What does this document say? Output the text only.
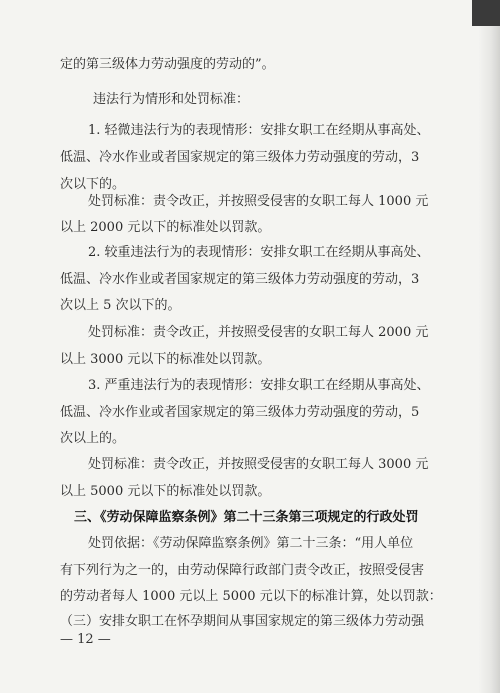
定的第三级体力劳动强度的劳动的”。
违法行为情形和处罚标准：
1. 轻微违法行为的表现情形：安排女职工在经期从事高处、
低温、冷水作业或者国家规定的第三级体力劳动强度的劳动，3
次以下的。
处罚标准：责令改正，并按照受侵害的女职工每人 1000 元
以上 2000 元以下的标准处以罚款。
2. 较重违法行为的表现情形：安排女职工在经期从事高处、
低温、冷水作业或者国家规定的第三级体力劳动强度的劳动，3
次以上 5 次以下的。
处罚标准：责令改正，并按照受侵害的女职工每人 2000 元
以上 3000 元以下的标准处以罚款。
3. 严重违法行为的表现情形：安排女职工在经期从事高处、
低温、冷水作业或者国家规定的第三级体力劳动强度的劳动，5
次以上的。
处罚标准：责令改正，并按照受侵害的女职工每人 3000 元
以上 5000 元以下的标准处以罚款。
三、《劳动保障监察条例》第二十三条第三项规定的行政处罚
处罚依据：《劳动保障监察条例》第二十三条：“用人单位
有下列行为之一的，由劳动保障行政部门责令改正，按照受侵害
的劳动者每人 1000 元以上 5000 元以下的标准计算，处以罚款：
（三）安排女职工在怀孕期间从事国家规定的第三级体力劳动强
— 12 —
